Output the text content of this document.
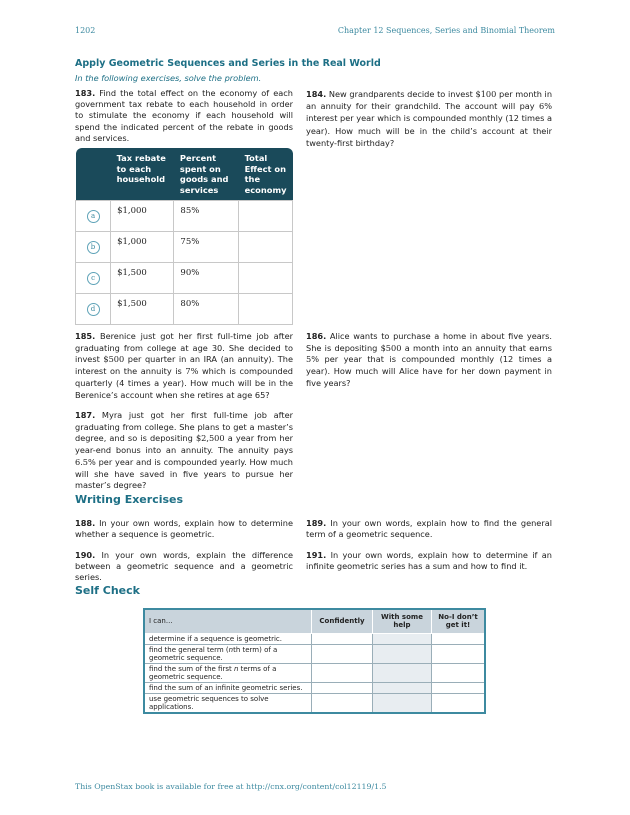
1202	Chapter 12 Sequences, Series and Binomial Theorem
Apply Geometric Sequences and Series in the Real World
In the following exercises, solve the problem.

183. Find the total effect on the economy of each government tax rebate to each household in order to stimulate the economy if each household will spend the indicated percent of the rebate in goods and services.

184. New grandparents decide to invest $100 per month in an annuity for their grandchild. The account will pay 6% interest per year which is compounded monthly (12 times a year). How much will be in the child’s account at their twenty-first birthday?

	Tax rebate to each household	Percent spent on goods and services	Total Effect on the economy
a	$1,000	85%	
b	$1,000	75%	
c	$1,500	90%	
d	$1,500	80%	

185. Berenice just got her first full-time job after graduating from college at age 30. She decided to invest $500 per quarter in an IRA (an annuity). The interest on the annuity is 7% which is compounded quarterly (4 times a year). How much will be in the Berenice’s account when she retires at age 65?

186. Alice wants to purchase a home in about five years. She is depositing $500 a month into an annuity that earns 5% per year that is compounded monthly (12 times a year). How much will Alice have for her down payment in five years?

187. Myra just got her first full-time job after graduating from college. She plans to get a master’s degree, and so is depositing $2,500 a year from her year-end bonus into an annuity. The annuity pays 6.5% per year and is compounded yearly. How much will she have saved in five years to pursue her master’s degree?

Writing Exercises

188. In your own words, explain how to determine whether a sequence is geometric.

189. In your own words, explain how to find the general term of a geometric sequence.

190. In your own words, explain the difference between a geometric sequence and a geometric series.

191. In your own words, explain how to determine if an infinite geometric series has a sum and how to find it.

Self Check
I can...	Confidently	With some help	No-I don’t get it!
determine if a sequence is geometric.			
find the general term (nth term) of a geometric sequence.			
find the sum of the first n terms of a geometric sequence.			
find the sum of an infinite geometric series.			
use geometric sequences to solve applications.			
This OpenStax book is available for free at http://cnx.org/content/col12119/1.5
